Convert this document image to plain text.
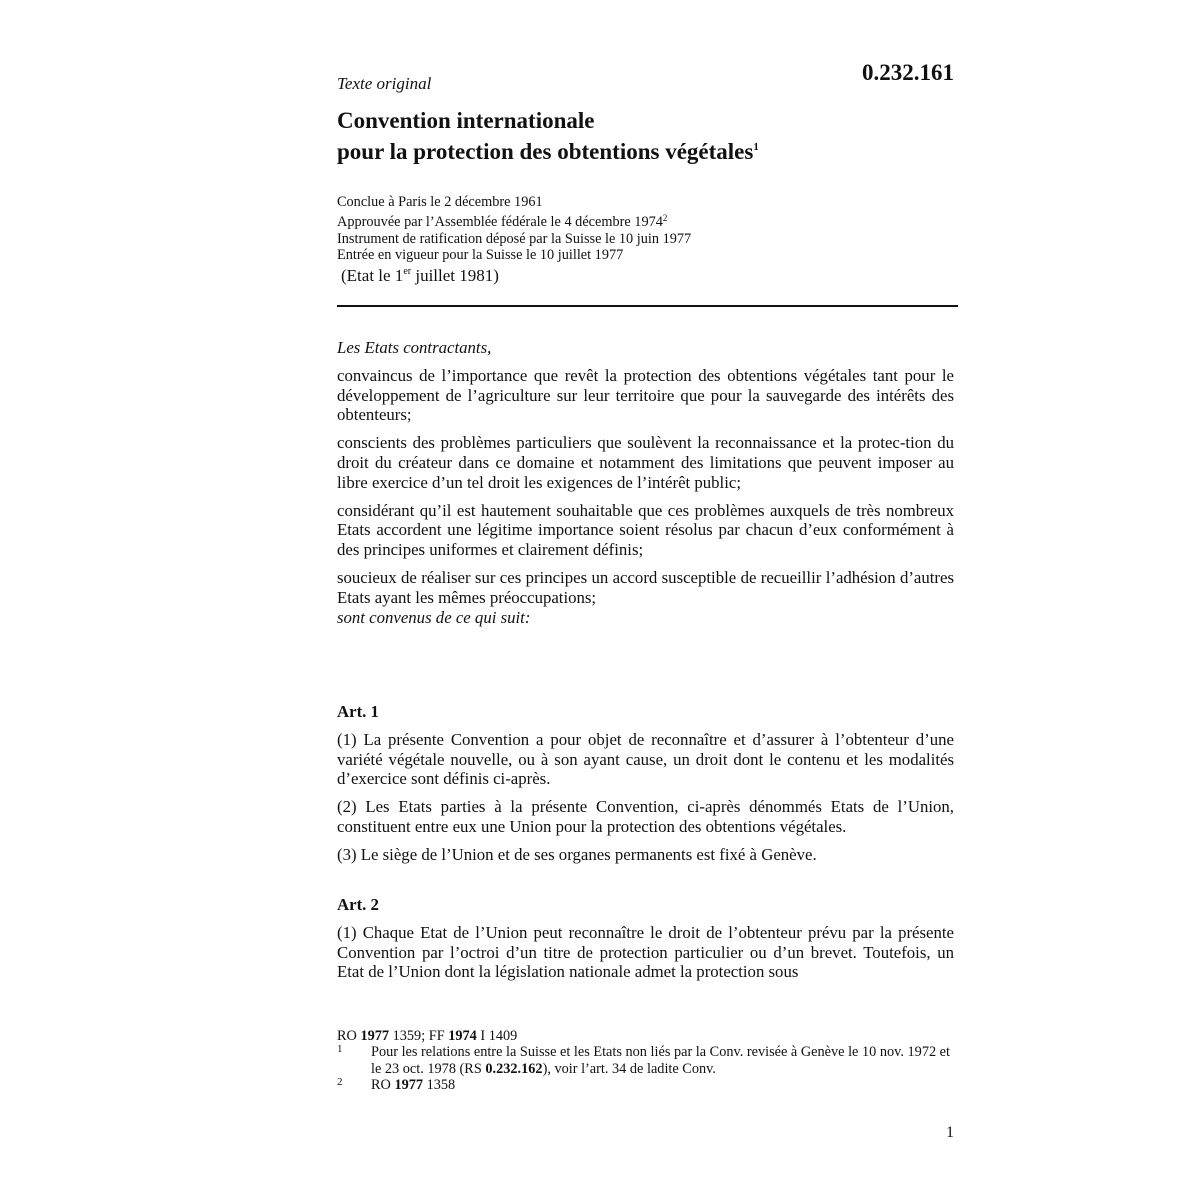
0.232.161
Texte original
Convention internationale
pour la protection des obtentions végétales$^1$
Conclue à Paris le 2 décembre 1961
Approuvée par l’Assemblée fédérale le 4 décembre 1974$^2$
Instrument de ratification déposé par la Suisse le 10 juin 1977
Entrée en vigueur pour la Suisse le 10 juillet 1977
(Etat le 1er juillet 1981)

Les Etats contractants,

convaincus de l’importance que revêt la protection des obtentions végétales tant pour le développement de l’agriculture sur leur territoire que pour la sauvegarde des intérêts des obtenteurs;

conscients des problèmes particuliers que soulèvent la reconnaissance et la protec-tion du droit du créateur dans ce domaine et notamment des limitations que peuvent imposer au libre exercice d’un tel droit les exigences de l’intérêt public;

considérant qu’il est hautement souhaitable que ces problèmes auxquels de très nombreux Etats accordent une légitime importance soient résolus par chacun d’eux conformément à des principes uniformes et clairement définis;

soucieux de réaliser sur ces principes un accord susceptible de recueillir l’adhésion d’autres Etats ayant les mêmes préoccupations;

sont convenus de ce qui suit:

Art. 1

(1) La présente Convention a pour objet de reconnaître et d’assurer à l’obtenteur d’une variété végétale nouvelle, ou à son ayant cause, un droit dont le contenu et les modalités d’exercice sont définis ci-après.

(2) Les Etats parties à la présente Convention, ci-après dénommés Etats de l’Union, constituent entre eux une Union pour la protection des obtentions végétales.

(3) Le siège de l’Union et de ses organes permanents est fixé à Genève.

Art. 2

(1) Chaque Etat de l’Union peut reconnaître le droit de l’obtenteur prévu par la présente Convention par l’octroi d’un titre de protection particulier ou d’un brevet. Toutefois, un Etat de l’Union dont la législation nationale admet la protection sous

RO 1977 1359; FF 1974 I 1409
1 Pour les relations entre la Suisse et les Etats non liés par la Conv. revisée à Genève le 10 nov. 1972 et le 23 oct. 1978 (RS 0.232.162), voir l’art. 34 de ladite Conv.
2 RO 1977 1358
1
